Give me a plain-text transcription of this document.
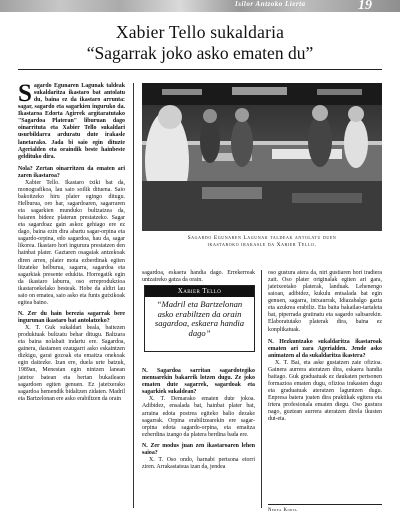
Isilor Antzoko Lierta	19
Xabier Tello sukaldaria
“Sagarrak joko asko ematen du”

Sagardo Egunaren Lagunak taldeak sukaldaritza ikastaro bat antolatu du, baina ez da ikastaro arrunta: sagar, sagardo eta sagarkien inguruko da. Ikastaroa Edorta Agirrek argitaratutako "Sagardoa Plateran" liburuan dago oinarrituta eta Xabier Tello sukaldari usurbildarra arduratu dute irakasle lanetarako. Jada bi saio egin dituzte Agerialden eta oraindik beste hainbeste geldituko dira.

Nola? Zertan oinarritzen da ematen ari zaren ikastaroa?

Xabier Tello. Ikastaro txiki bat da, monografikoa, lau saio soilik dituena. Saio bakoitzeko hiru plater egingo ditugu. Helburua, oro har, sagardoaren, sagarraren eta sagarkien munduko bultzatzea da, baiaren bideez plateran prestatzeko. Sagar eta sagardoaz gain askoz gehiago ere ez dago, baina ezin dira abartu sagar-orpina eta sagardo-orpina, edo sagardoa, hau da, sagar likorea. Ikastaro hori ingurura prestatzen den hainbat plater. Gaztaren osagaiak antzekoak diren arren, plater mota ezberdinak egiten litzateke helburua, sagarra, sagardoa eta sagarkiak presente edukita. Horregatik egin da ikastaro laburra, oso erreprodukzioa ikastaroekelako besteak. Hobe da aldiri lau saio on ematea, saio asko eta funts gutxikoak egitea baino.

N. Zer du hain berezia sagarrak bere ingurunan ikastaro bat antolatzeko?

X. T. Guk sukaldari beala, baitezen produktuak bultzatu behar ditugu. Baltzara eta baina nolabait indartu ere. Sagardoa, gainera, dastamen ezaugarri asko eskaintzen dizkigu, garai gozoak eta emaitza onekoak egin daitezke. Izan ere, duela urte batzuk, 1989an, Menestan egin nintzen lanean jatetxe batean eta bertan bukaileaon sagardoen egiten genuen. Ez jatetxerako sagardoa hemendik bidaltzen zidaten. Madril eta Bartzelonan ere asko erabiltzen da orain

Sagardo Egunaren Lagunak taldeak antolatu duen
ikastaroko irakasle da Xabier Tello.

sagardoa, eskaera handia dago. Errekerreak untzaireko gatza da orain.

N. Sagardoa sarritan sagardotegiko menuarekin bakarrik lotzen dugu. Ze joko ematen dute sagarrek, sagardoak eta sagarkiek sukaldean?

X. T. Demarako ematen dute jokoa. Adibidez, ensalada bat, hainbat plater bat, arraina edota postrea egiteko balio dezake sagarrak. Orpina erabiltzearekin ere sagar-orpina edota sagardo-orpina, eta emaitza ezberdina izango da platera berdina bada ere.

N. Zer modus juan zen ikastaroaren lehen saioa?

X. T. Oso ondo, harnabi pertsona etorri ziren. Arrakastatsua izan da, jendea

Xabier Tello
“Madril eta Bartzelonan asko erabiltzen da orain sagardoa, eskaera handia dago”

oso gustura atera da, niri gustiaren hori iradiera zait. Oso plater originalak egiten ari gara, jatetxeetako platerak, landuak. Lehenengo saioan, adibidez, kukulu entsalada bat egin genuen, sagarra, intxaurrak, Idiazabalgo gazta eta azukrea erabiliz. Eta baita bakailao-tartaleta bat, piperrada gratinatu eta sagardo saltsarekin. Elaboratutako platerak dira, baina ez konplikatuak.

N. Hezkuntzako sukaldaritza ikastaroak ematen ari zara Agerialden. Jende asko animatzen al da sukaldaritza ikastera?

X. T. Bai, eta aske gustatzen zaie ofizioa. Gainera aurrera ateratzen dira, eskaera handia baitago. Guk graduatuak ez daukaten pertsonen formazioa ematen dugu, ofizioa irakasten dugu eta graduatuak ateratzen laguntzen dugu. Enpresa batera joaten dira praktikak egitera eta irtera profesionala ematen diegu. Oso gustura nago, guztean aurrera ateratzen direla ikusten dut-eta.

Nerea Korta
